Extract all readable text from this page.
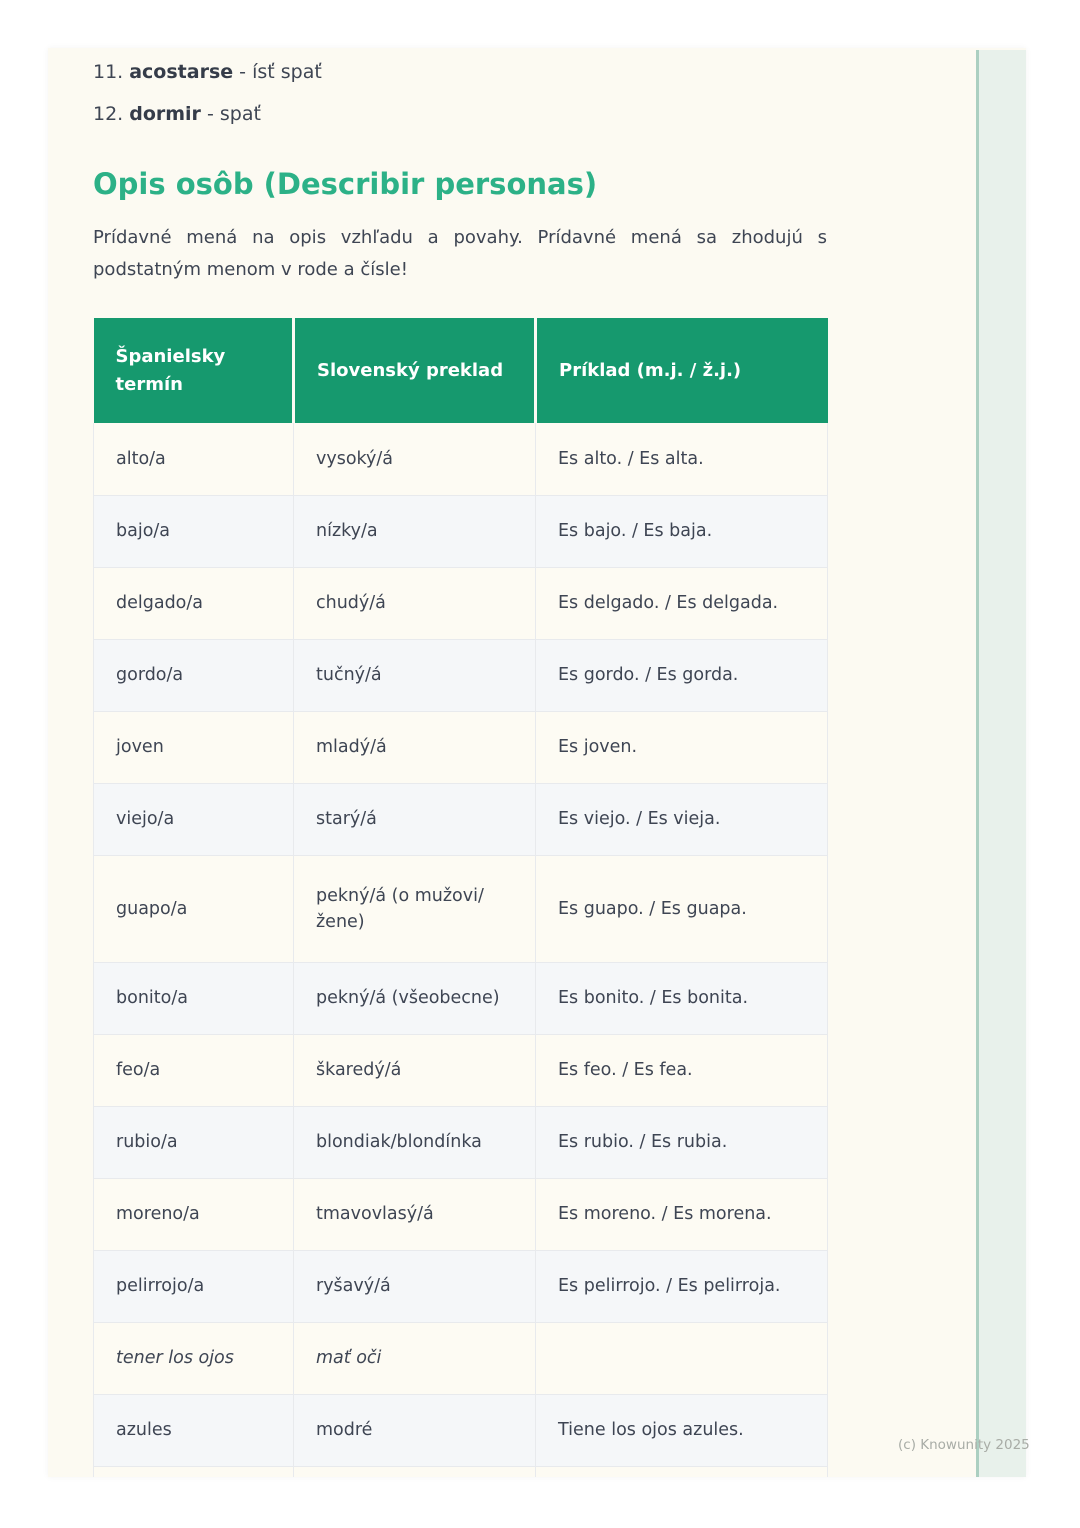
11. acostarse - ísť spať

12. dormir - spať

Opis osôb (Describir personas)

Prídavné mená na opis vzhľadu a povahy. Prídavné mená sa zhodujú s podstatným menom v rode a čísle!

Španielsky termín	Slovenský preklad	Príklad (m.j. / ž.j.)
alto/a	vysoký/á	Es alto. / Es alta.
bajo/a	nízky/a	Es bajo. / Es baja.
delgado/a	chudý/á	Es delgado. / Es delgada.
gordo/a	tučný/á	Es gordo. / Es gorda.
joven	mladý/á	Es joven.
viejo/a	starý/á	Es viejo. / Es vieja.
guapo/a	pekný/á (o mužovi/ žene)	Es guapo. / Es guapa.
bonito/a	pekný/á (všeobecne)	Es bonito. / Es bonita.
feo/a	škaredý/á	Es feo. / Es fea.
rubio/a	blondiak/blondínka	Es rubio. / Es rubia.
moreno/a	tmavovlasý/á	Es moreno. / Es morena.
pelirrojo/a	ryšavý/á	Es pelirrojo. / Es pelirroja.
tener los ojos	mať oči	
azules	modré	Tiene los ojos azules.

(c) Knowunity 2025
